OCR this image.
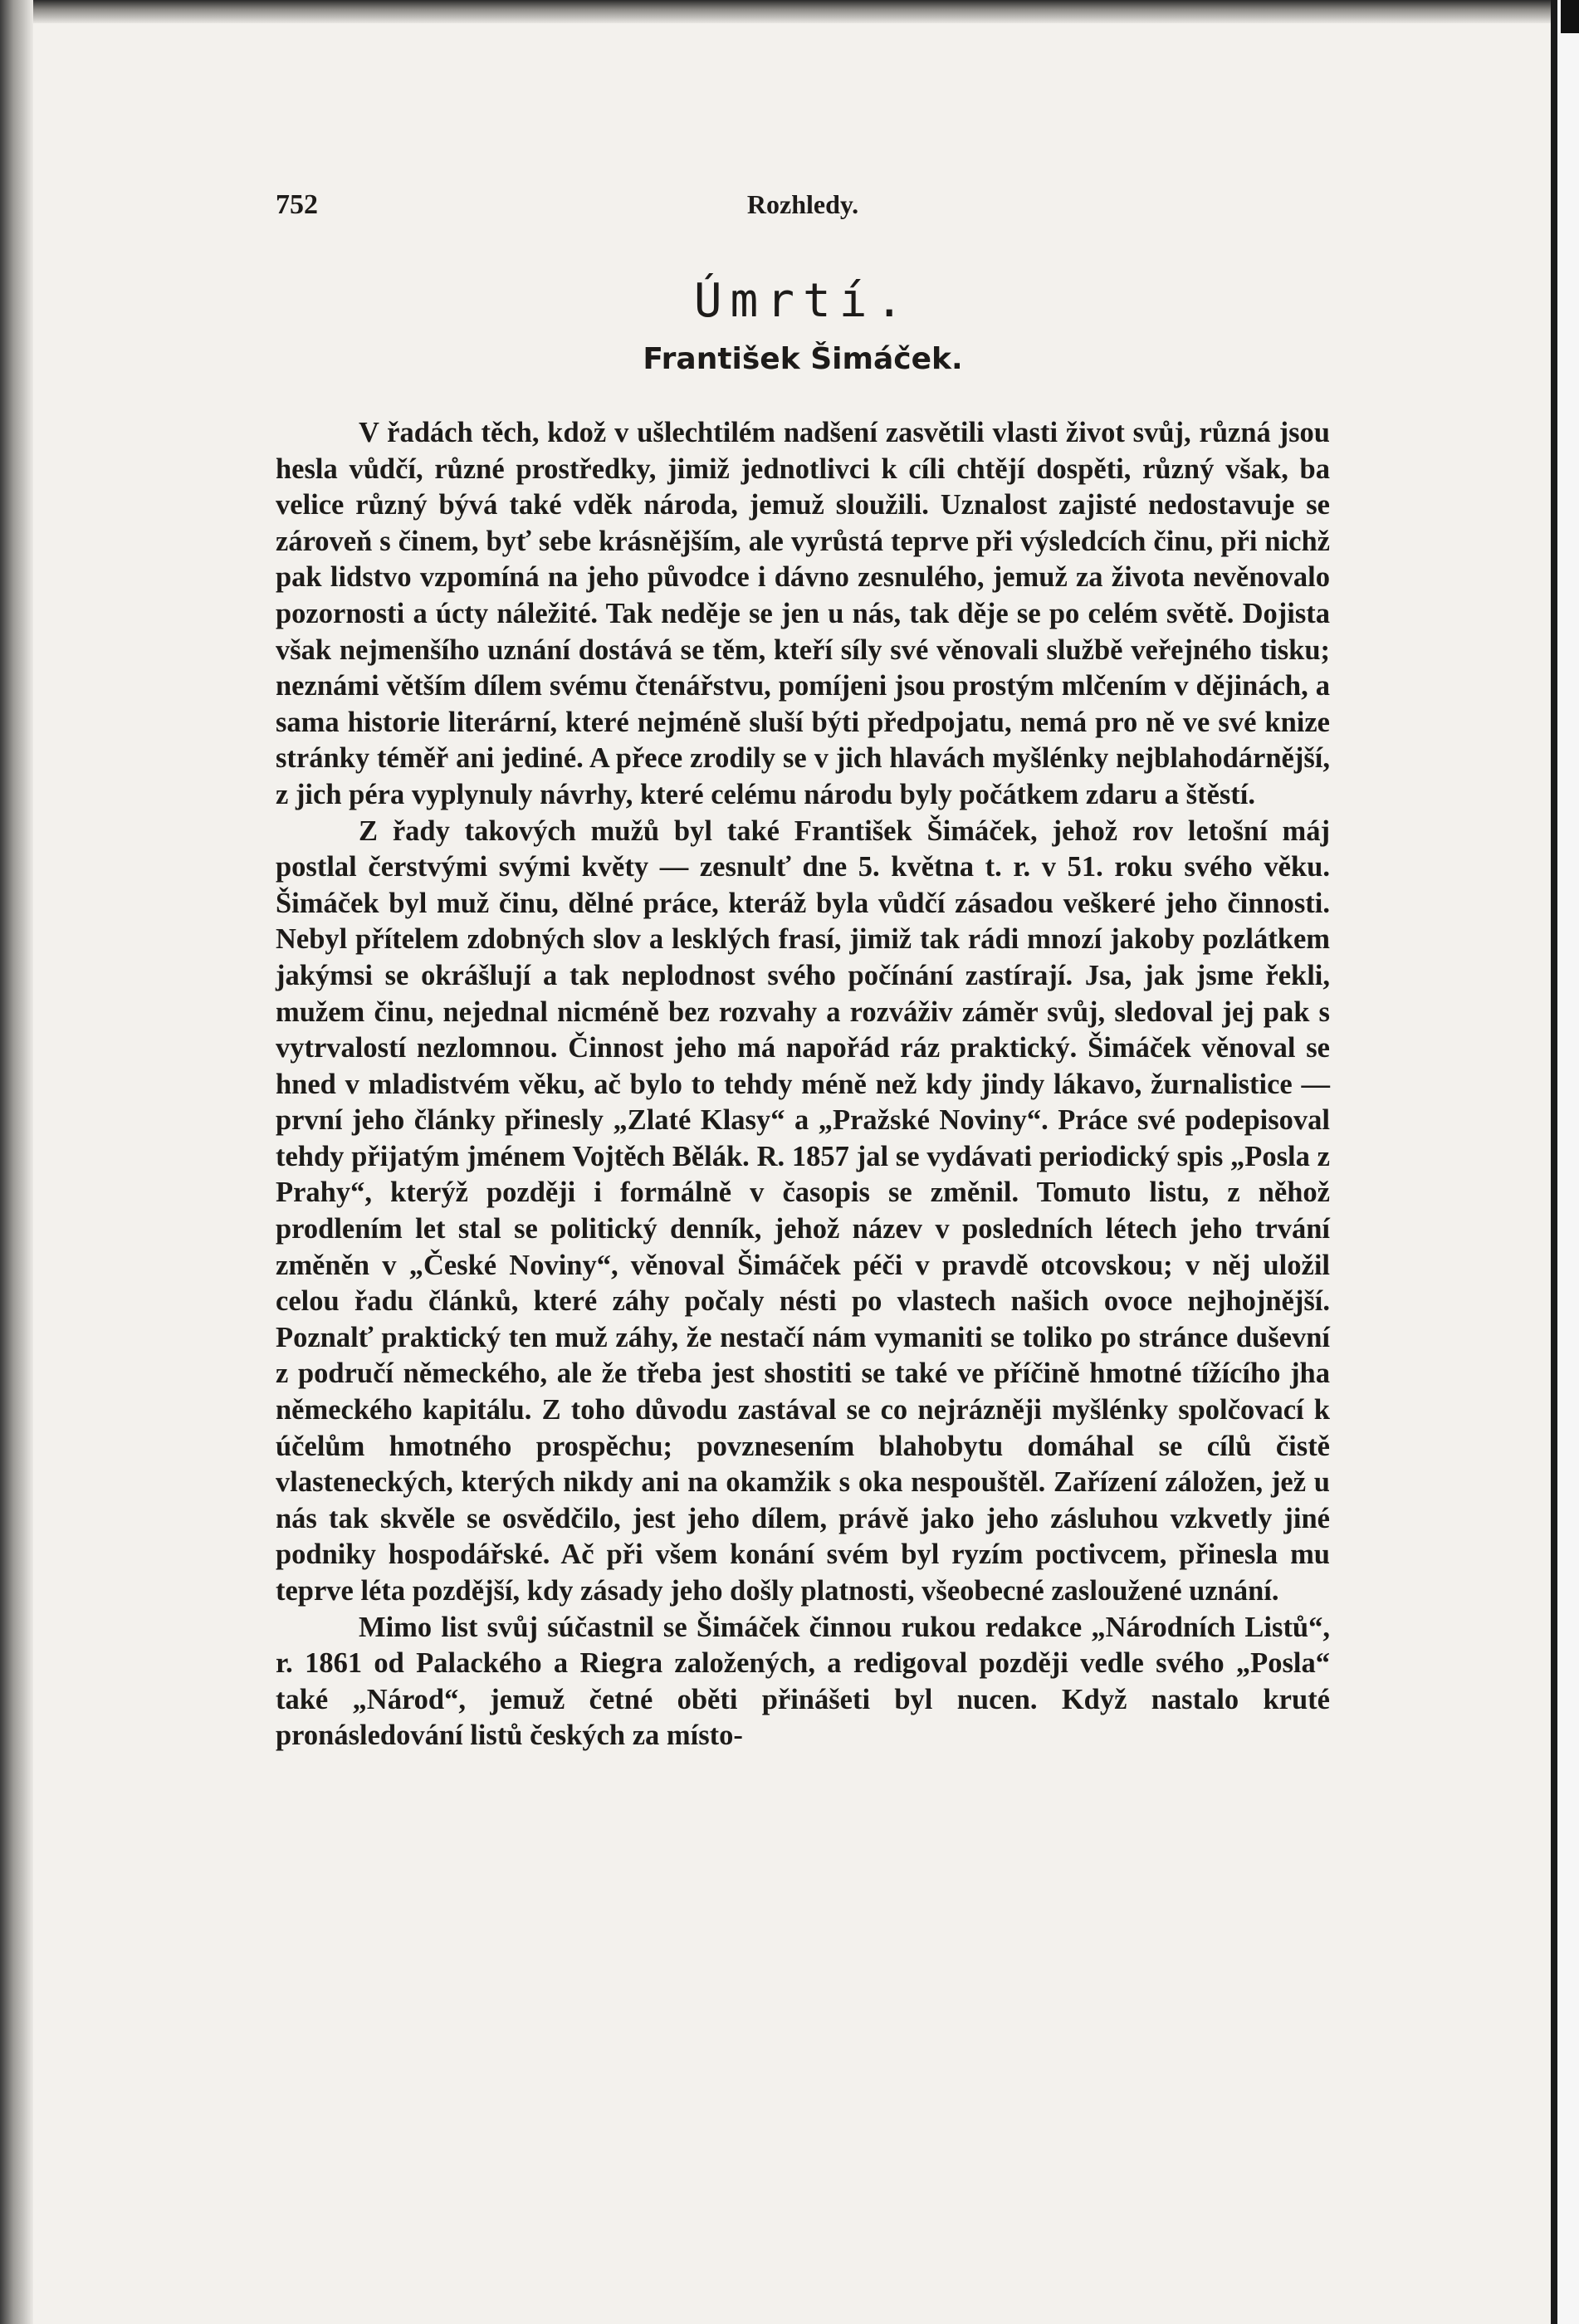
752	Rozhledy.
Úmrtí.
František Šimáček.

V řadách těch, kdož v ušlechtilém nadšení zasvětili vlasti život svůj, různá jsou hesla vůdčí, různé prostředky, jimiž jednotlivci k cíli chtějí dospěti, různý však, ba velice různý bývá také vděk národa, jemuž sloužili. Uznalost zajisté nedostavuje se zároveň s činem, byť sebe krásnějším, ale vyrůstá teprve při výsledcích činu, při nichž pak lidstvo vzpomíná na jeho původce i dávno zesnulého, jemuž za života nevěnovalo pozornosti a úcty náležité. Tak neděje se jen u nás, tak děje se po celém světě. Dojista však nejmenšího uznání dostává se těm, kteří síly své věnovali službě veřejného tisku; neznámi větším dílem svému čtenářstvu, pomíjeni jsou prostým mlčením v dějinách, a sama historie literární, které nejméně sluší býti předpojatu, nemá pro ně ve své knize stránky téměř ani jediné. A přece zrodily se v jich hlavách myšlénky nejblahodárnější, z jich péra vyplynuly návrhy, které celému národu byly počátkem zdaru a štěstí.

Z řady takových mužů byl také František Šimáček, jehož rov letošní máj postlal čerstvými svými květy — zesnulť dne 5. května t. r. v 51. roku svého věku. Šimáček byl muž činu, dělné práce, kteráž byla vůdčí zásadou veškeré jeho činnosti. Nebyl přítelem zdobných slov a lesklých frasí, jimiž tak rádi mnozí jakoby pozlátkem jakýmsi se okrášlují a tak neplodnost svého počínání zastírají. Jsa, jak jsme řekli, mužem činu, nejednal nicméně bez rozvahy a rozváživ záměr svůj, sledoval jej pak s vytrvalostí nezlomnou. Činnost jeho má napořád ráz praktický. Šimáček věnoval se hned v mladistvém věku, ač bylo to tehdy méně než kdy jindy lákavo, žurnalistice — první jeho články přinesly „Zlaté Klasy“ a „Pražské Noviny“. Práce své podepisoval tehdy přijatým jménem Vojtěch Bělák. R. 1857 jal se vydávati periodický spis „Posla z Prahy“, kterýž později i formálně v časopis se změnil. Tomuto listu, z něhož prodlením let stal se politický denník, jehož název v posledních létech jeho trvání změněn v „České Noviny“, věnoval Šimáček péči v pravdě otcovskou; v něj uložil celou řadu článků, které záhy počaly nésti po vlastech našich ovoce nejhojnější. Poznalť praktický ten muž záhy, že nestačí nám vymaniti se toliko po stránce duševní z područí německého, ale že třeba jest shostiti se také ve příčině hmotné tížícího jha německého kapitálu. Z toho důvodu zastával se co nejrázněji myšlénky spolčovací k účelům hmotného prospěchu; povznesením blahobytu domáhal se cílů čistě vlasteneckých, kterých nikdy ani na okamžik s oka nespouštěl. Zařízení záložen, jež u nás tak skvěle se osvědčilo, jest jeho dílem, právě jako jeho zásluhou vzkvetly jiné podniky hospodářské. Ač při všem konání svém byl ryzím poctivcem, přinesla mu teprve léta pozdější, kdy zásady jeho došly platnosti, všeobecné zasloužené uznání.

Mimo list svůj súčastnil se Šimáček činnou rukou redakce „Národních Listů“, r. 1861 od Palackého a Riegra založených, a redigoval později vedle svého „Posla“ také „Národ“, jemuž četné oběti přinášeti byl nucen. Když nastalo kruté pronásledování listů českých za místo-
